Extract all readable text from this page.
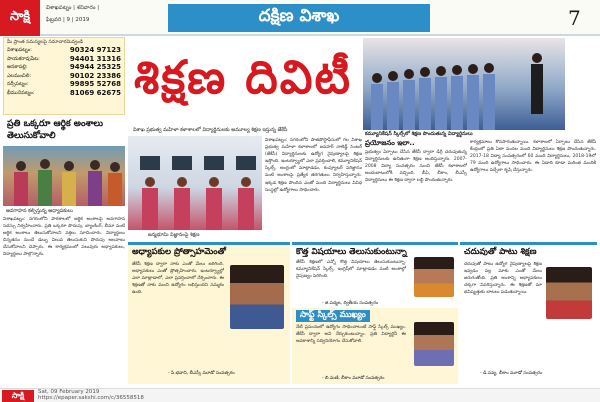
సాక్షి
విశాఖపట్నం | శనివారం |
ఫిబ్రవరి | 9 | 2019	దక్షిణ విశాఖ	7
మీ ప్రాంత సమస్యలపై సమాచారమివ్వండి
విశాఖపట్నం:	90324 97123
పాయకరావుపేట:	94401 31316
అనకాపల్లి:	94944 25325
ఎలమంచిలి:	90102 23386
నర్సీపట్నం:	99895 52768
భీమునిపట్నం:	81069 62675
ప్రతి ఒక్కరూ ఆర్థిక అంశాలు తెలుసుకోవాలి
అవగాహన కల్పిస్తున్న అధ్యాపకులు
విశాఖపట్నం: నగరంలోని పాఠశాలలో ఆర్థిక అంశాలపై అవగాహన సదస్సు నిర్వహించారు. ప్రతి ఒక్కరూ పొదుపు, బ్యాంకింగ్, బీమా వంటి ఆర్థిక అంశాలు తెలుసుకోవాలని వక్తలు సూచించారు. విద్యార్థులు చిన్నతనం నుంచే డబ్బు విలువ తెలుసుకుని పొదుపు అలవాటు చేసుకోవాలని చెప్పారు. ఈ కార్యక్రమంలో పలువురు అధ్యాపకులు, విద్యార్థులు పాల్గొన్నారు.
శిక్షణ దివిటీ
విశాఖ ప్రభుత్వ మహిళా కళాశాలలో విద్యార్థినులకు అమూల్య శిక్షణ ఇస్తున్న జేకేసీ
జన్మభూమి విజ్ఞానంపై శిక్షణ
కమ్యూనికేషన్ స్కిల్స్‌లో శిక్షణ పొందుతున్న విద్యార్థినులు
విశాఖపట్నం: నగరంలోని పాతపోస్టాఫీసులో గల విశాఖ ప్రభుత్వ మహిళా కళాశాలలో జవహర్ నాలెడ్జ్ సెంటర్ (జేకేసీ) విద్యార్థినులకు ఉద్యోగ నైపుణ్యాలపై శిక్షణ ఇస్తోంది. ఇంటర్వ్యూలో ఎలా ప్రవర్తించాలి, కమ్యూనికేషన్ స్కిల్స్, ఆంగ్లంలో మాట్లాడడం, కంప్యూటర్ పరిజ్ఞానం వంటి అంశాలపై ప్రత్యేక తరగతులు నిర్వహిస్తున్నారు. ఇక్కడ శిక్షణ పొందిన ఎంతో మంది విద్యార్థినులు వివిధ సంస్థల్లో ఉద్యోగాలు సాధించారు.
ప్రయోజనం ఇలా..
ప్రభుత్వం ఏర్పాటు చేసిన జేకేసీ ద్వారా డిగ్రీ చదువుతున్న విద్యార్థినులకు ఉచితంగా శిక్షణ అందిస్తున్నారు. 2007-2008 విద్యా సంవత్సరం నుంచి జేకేసీ కళాశాలలో అందుబాటులోకి వచ్చింది. బీఏ, బీకాం, బీఎస్సీ విద్యార్థినులు ఈ శిక్షణ ద్వారా లబ్ధి పొందుతున్నారు.
కార్యక్రమాలు కొనసాగుతున్నాయి. కళాశాలలో ఏర్పాటు చేసిన జేకేసీ కేంద్రంలో ప్రతి ఏటా వందల మంది విద్యార్థినులు శిక్షణ పొందుతున్నారు. 2017-18 విద్యా సంవత్సరంలో 60 మంది విద్యార్థినులు, 2018-19లో 79 మంది ఉద్యోగాలు సాధించారు. ఈ ఏడాది కూడా మరింత మందికి ఉద్యోగాలు వచ్చేలా కృషి చేస్తున్నారు.
అధ్యాపకుల ప్రోత్సాహమెంతో
జేకేసీ శిక్షణ ద్వారా నాకు ఎంతో మేలు జరిగింది. అధ్యాపకులు ఎంతో ప్రోత్సహించారు. ఇంటర్వ్యూల్లో ఎలా మాట్లాడాలో, ఎలా ప్రవర్తించాలో నేర్పించారు. ఈ శిక్షణతో నాకు మంచి ఉద్యోగం లభిస్తుందని నమ్మకం ఉంది.
- పి.భవాని, బీఎస్సీ మూడో సంవత్సరం
కొత్త విషయాలు తెలుసుకుంటున్నా
జేకేసీ శిక్షణలో ఎన్నో కొత్త విషయాలు తెలుసుకుంటున్నా. కమ్యూనికేషన్ స్కిల్స్, ఇంగ్లిష్‌లో మాట్లాడడం వంటి అంశాల్లో నైపుణ్యం పెరిగింది.
- జి.పద్మజ, ద్వితీయ సంవత్సరం
సాఫ్ట్ స్కిల్స్ ముఖ్యం
నేటి ప్రపంచంలో ఉద్యోగం సాధించాలంటే సాఫ్ట్ స్కిల్స్ ముఖ్యం. జేకేసీ ద్వారా అవి నేర్చుకుంటున్నాం. ప్రతి విద్యార్థినీ ఈ అవకాశాన్ని సద్వినియోగం చేసుకోవాలి.
- బి.మణి, బీకాం మూడో సంవత్సరం
చదువుతో పాటు శిక్షణ
చదువుతో పాటు ఉద్యోగ నైపుణ్యాలపై శిక్షణ ఇవ్వడం వల్ల మాకు ఎంతో మేలు జరుగుతోంది. ప్రతి అంశాన్ని అధ్యాపకులు చక్కగా వివరిస్తున్నారు. ఈ శిక్షణతో మా భవిష్యత్తుకు బాటలు పడుతున్నాయి.
- డి.నవ్య, బీకాం మూడో సంవత్సరం
సాక్షి	Sat, 09 February 2019
https://epaper.sakshi.com/c/36558518
